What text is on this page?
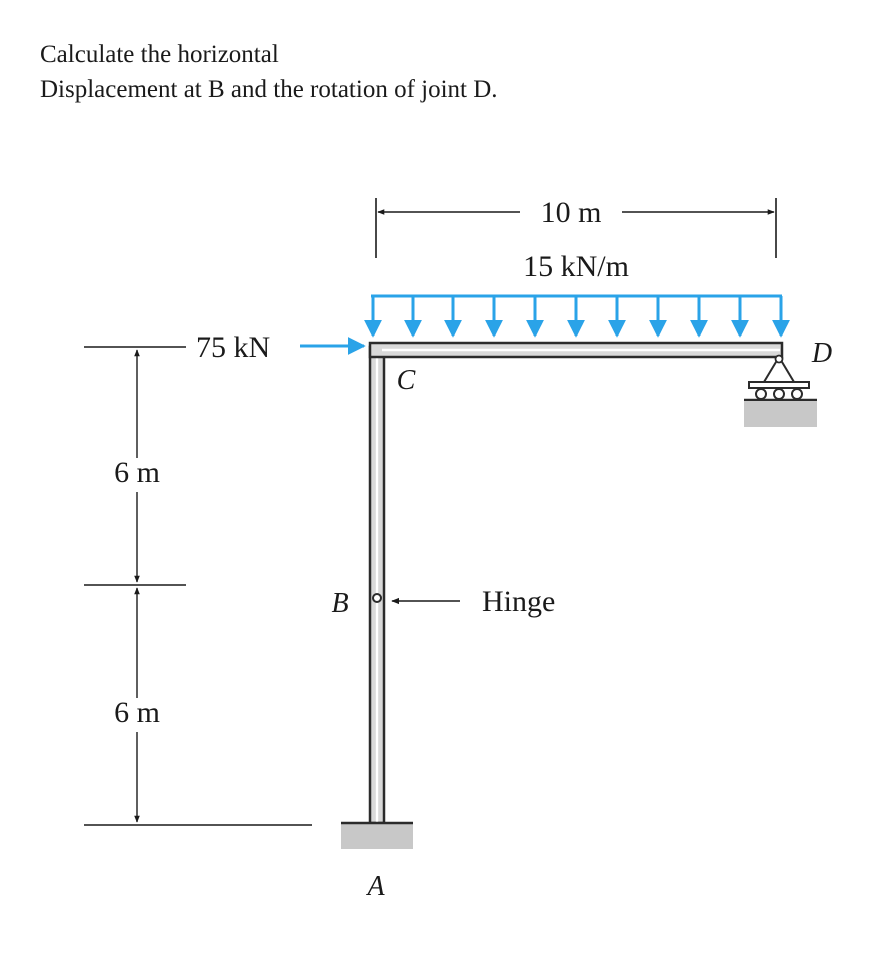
Calculate the horizontal
Displacement at B and the rotation of joint D.
10 m
15 kN/m
75 kN
6 m
6 m
Hinge
A
B
C
D
